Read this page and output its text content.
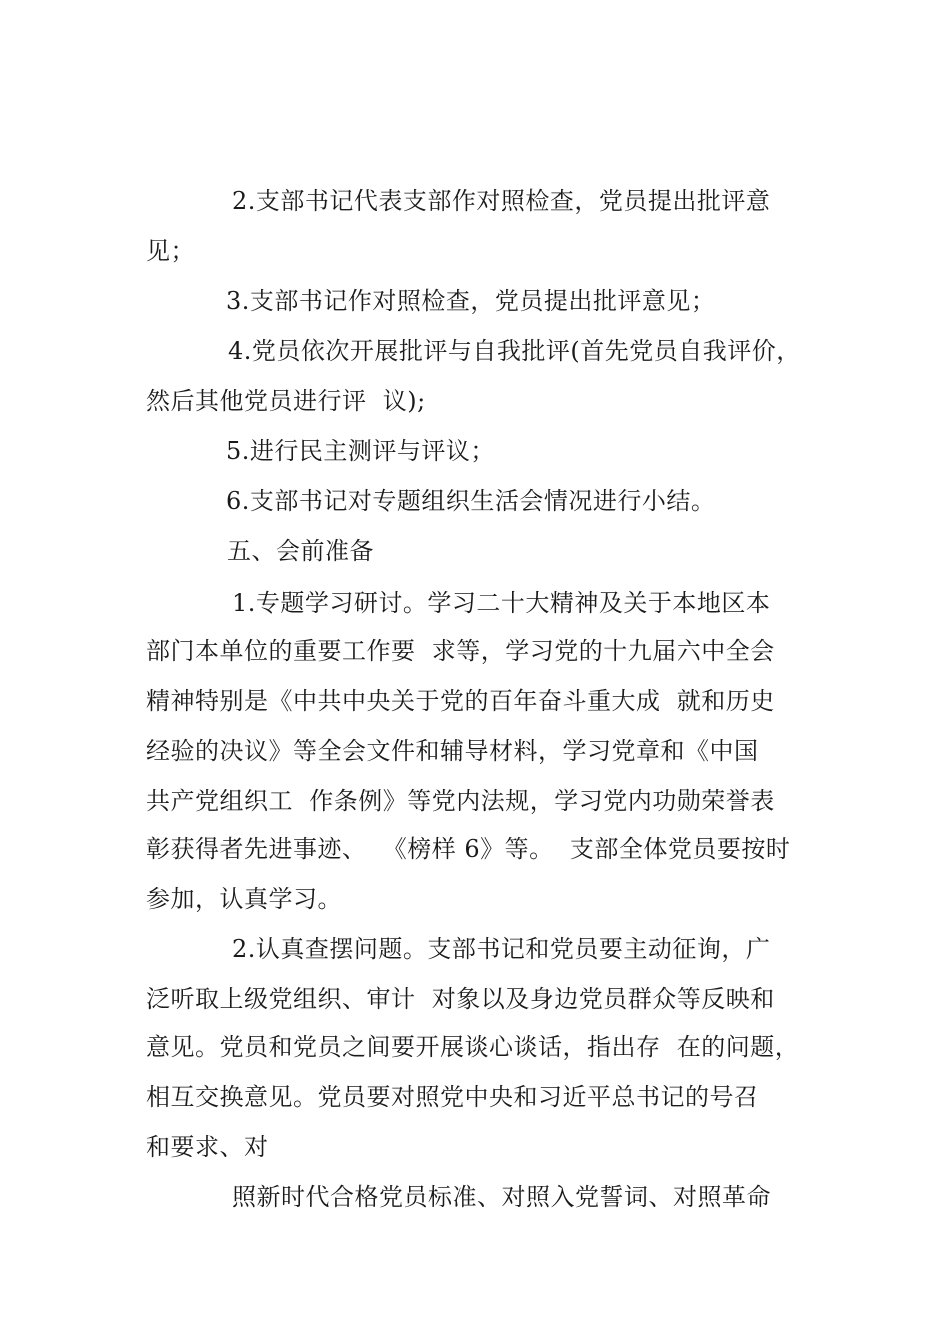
2.支部书记代表支部作对照检查，党员提出批评意
见；
3.支部书记作对照检查，党员提出批评意见；
4.党员依次开展批评与自我批评(首先党员自我评价，
然后其他党员进行评  议);
5.进行民主测评与评议；
6.支部书记对专题组织生活会情况进行小结。
五、会前准备
1.专题学习研讨。学习二十大精神及关于本地区本
部门本单位的重要工作要  求等，学习党的十九届六中全会
精神特别是《中共中央关于党的百年奋斗重大成  就和历史
经验的决议》等全会文件和辅导材料，学习党章和《中国
共产党组织工  作条例》等党内法规，学习党内功勋荣誉表
彰获得者先进事迹、  《榜样 6》等。  支部全体党员要按时
参加，认真学习。
2.认真查摆问题。支部书记和党员要主动征询，广
泛听取上级党组织、审计  对象以及身边党员群众等反映和
意见。党员和党员之间要开展谈心谈话，指出存  在的问题，
相互交换意见。党员要对照党中央和习近平总书记的号召
和要求、对
照新时代合格党员标准、对照入党誓词、对照革命
